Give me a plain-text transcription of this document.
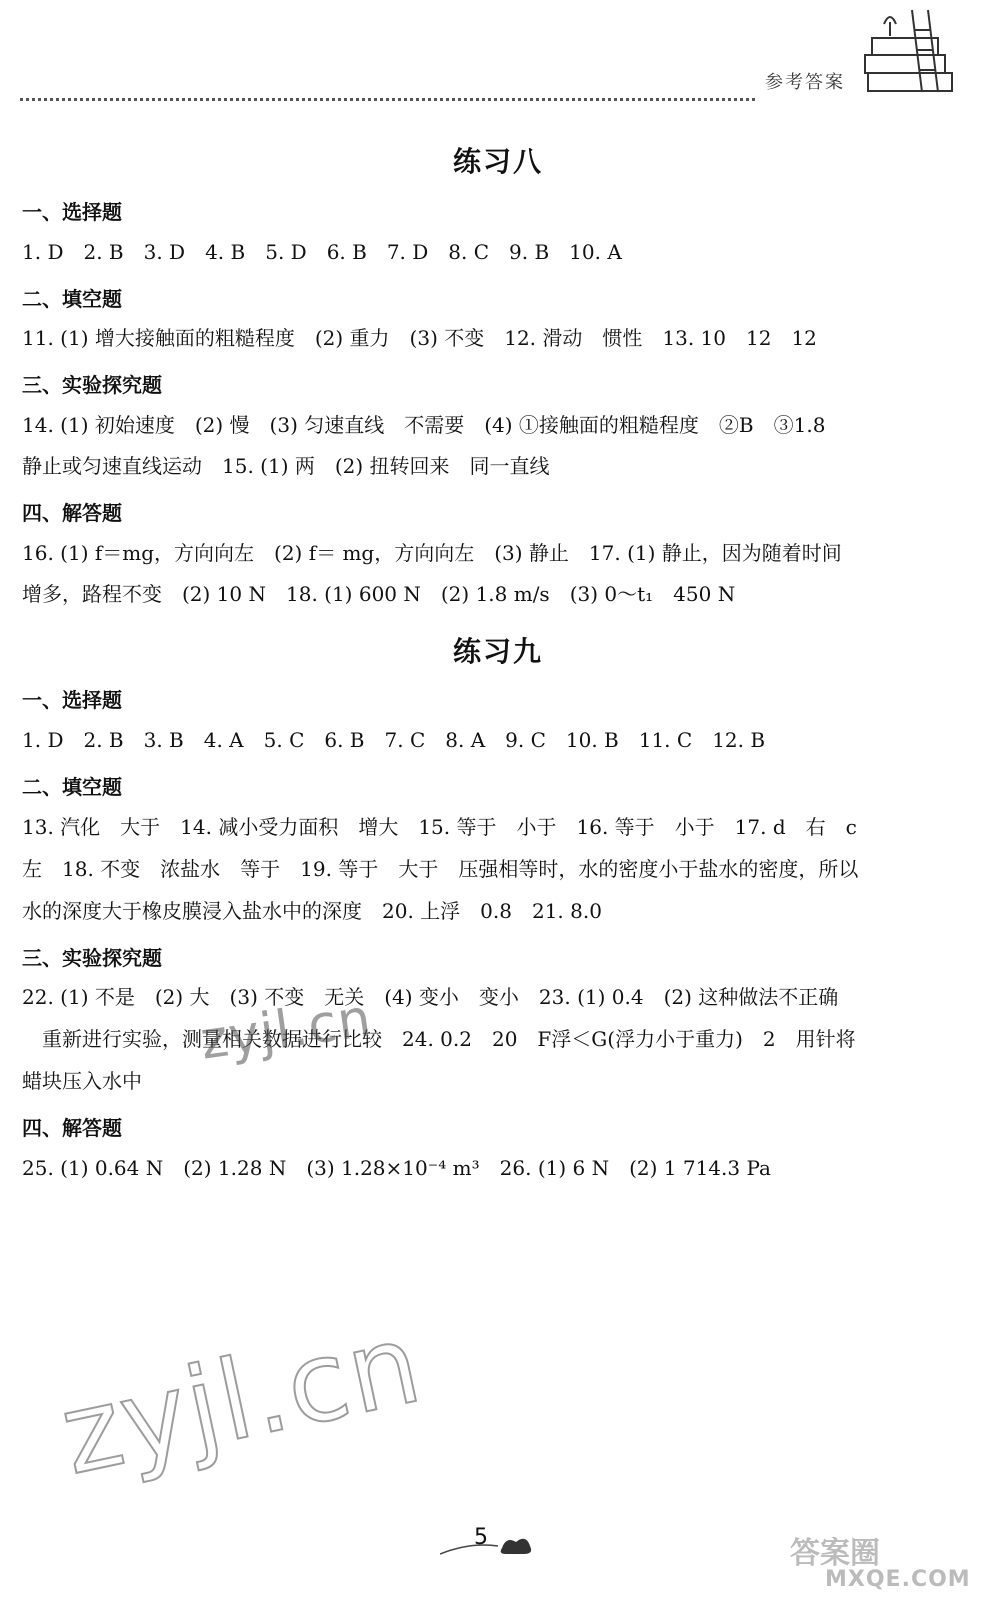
参考答案
练习八
一、选择题
1. D　2. B　3. D　4. B　5. D　6. B　7. D　8. C　9. B　10. A
二、填空题
11. (1) 增大接触面的粗糙程度　(2) 重力　(3) 不变　12. 滑动　惯性　13. 10　12　12
三、实验探究题
14. (1) 初始速度　(2) 慢　(3) 匀速直线　不需要　(4) ①接触面的粗糙程度　②B　③1.8
静止或匀速直线运动　15. (1) 两　(2) 扭转回来　同一直线
四、解答题
16. (1) f＝mg，方向向左　(2) f＝ mg，方向向左　(3) 静止　17. (1) 静止，因为随着时间
增多，路程不变　(2) 10 N　18. (1) 600 N　(2) 1.8 m/s　(3) 0～t₁　450 N
练习九
一、选择题
1. D　2. B　3. B　4. A　5. C　6. B　7. C　8. A　9. C　10. B　11. C　12. B
二、填空题
13. 汽化　大于　14. 减小受力面积　增大　15. 等于　小于　16. 等于　小于　17. d　右　c
左　18. 不变　浓盐水　等于　19. 等于　大于　压强相等时，水的密度小于盐水的密度，所以
水的深度大于橡皮膜浸入盐水中的深度　20. 上浮　0.8　21. 8.0
三、实验探究题
22. (1) 不是　(2) 大　(3) 不变　无关　(4) 变小　变小　23. (1) 0.4　(2) 这种做法不正确
　重新进行实验，测量相关数据进行比较　24. 0.2　20　F浮＜G(浮力小于重力)　2　用针将
蜡块压入水中
四、解答题
25. (1) 0.64 N　(2) 1.28 N　(3) 1.28×10⁻⁴ m³　26. (1) 6 N　(2) 1 714.3 Pa
zyjl.cn
zyjl.cn
5	答案圈
MXQE.COM
